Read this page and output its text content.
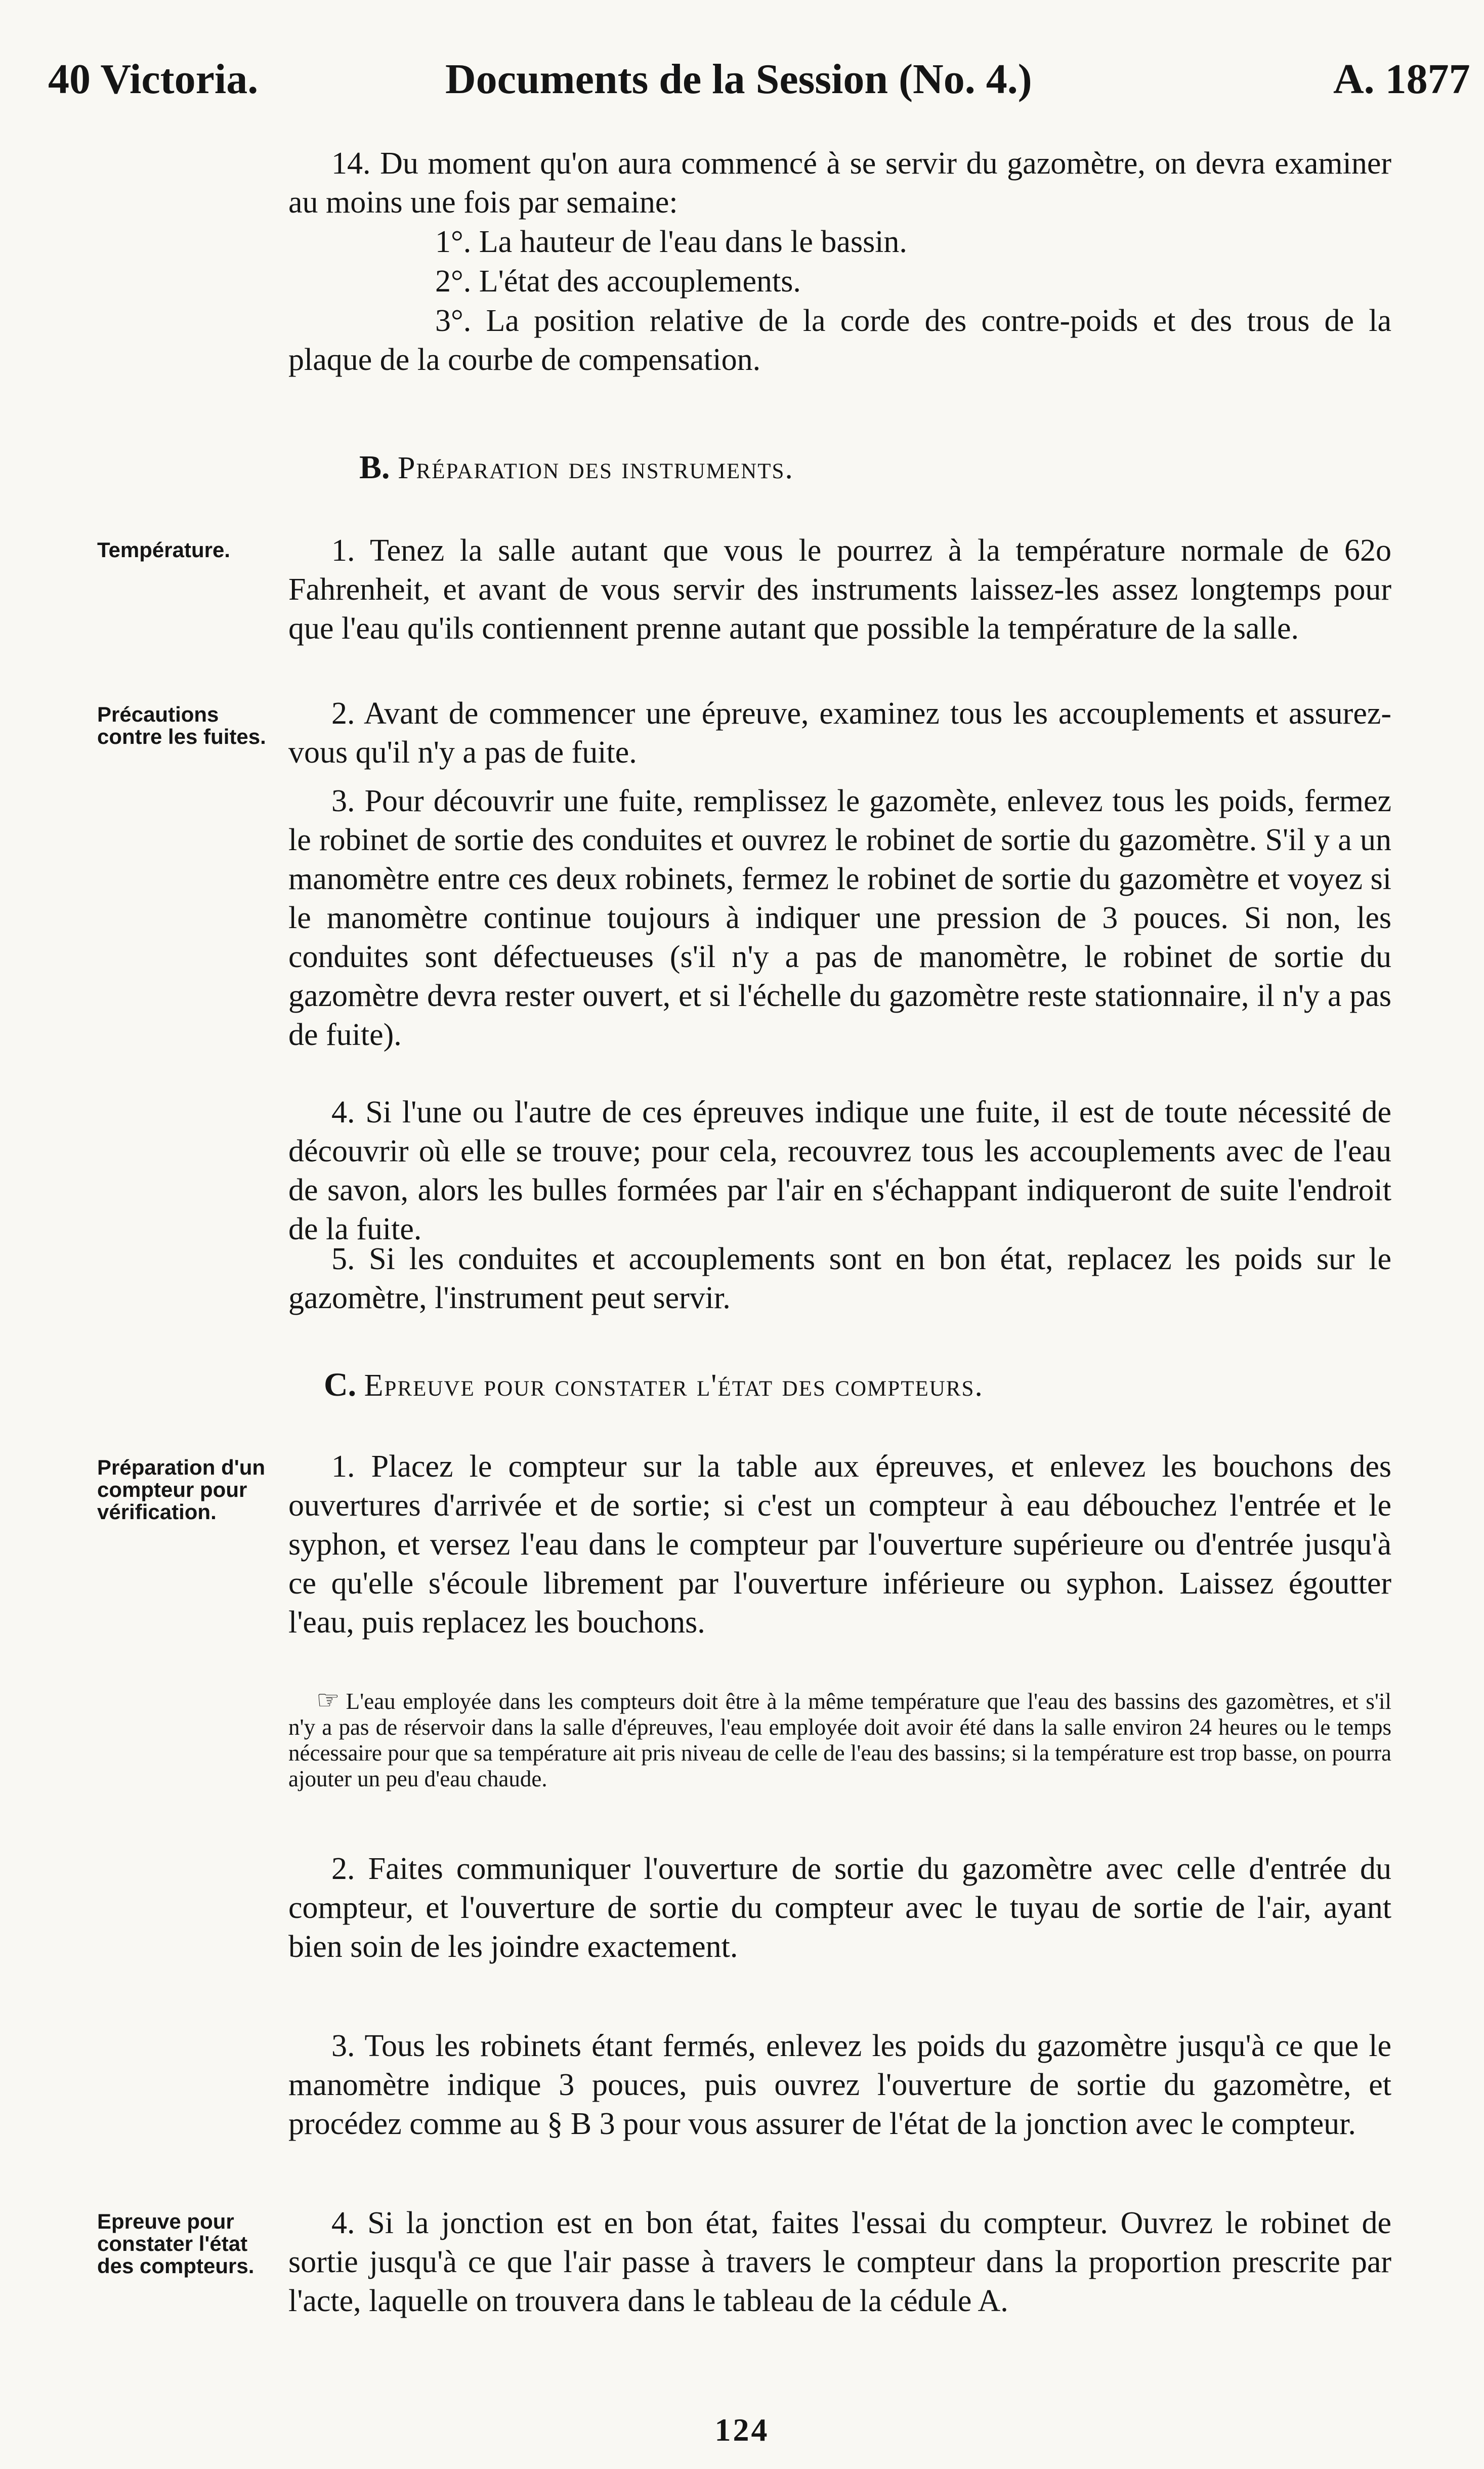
40 Victoria.	Documents de la Session (No. 4.)	A. 1877

14. Du moment qu'on aura commencé à se servir du gazomètre, on devra examiner au moins une fois par semaine:

1°. La hauteur de l'eau dans le bassin.

2°. L'état des accouplements.

3°. La position relative de la corde des contre-poids et des trous de la plaque de la courbe de compensation.

B. Préparation des instruments.

Température.	1. Tenez la salle autant que vous le pourrez à la température normale de 62o Fahrenheit, et avant de vous servir des instruments laissez-les assez longtemps pour que l'eau qu'ils contiennent prenne autant que possible la température de la salle.

Précautions contre les fuites.

2. Avant de commencer une épreuve, examinez tous les accouplements et assurez-vous qu'il n'y a pas de fuite.

3. Pour découvrir une fuite, remplissez le gazomète, enlevez tous les poids, fermez le robinet de sortie des conduites et ouvrez le robinet de sortie du gazomètre. S'il y a un manomètre entre ces deux robinets, fermez le robinet de sortie du gazomètre et voyez si le manomètre continue toujours à indiquer une pression de 3 pouces. Si non, les conduites sont défectueuses (s'il n'y a pas de manomètre, le robinet de sortie du gazomètre devra rester ouvert, et si l'échelle du gazomètre reste stationnaire, il n'y a pas de fuite).

4. Si l'une ou l'autre de ces épreuves indique une fuite, il est de toute nécessité de découvrir où elle se trouve; pour cela, recouvrez tous les accouplements avec de l'eau de savon, alors les bulles formées par l'air en s'échappant indiqueront de suite l'endroit de la fuite.

5. Si les conduites et accouplements sont en bon état, replacez les poids sur le gazomètre, l'instrument peut servir.

C. Epreuve pour constater l'état des compteurs.

Préparation d'un compteur pour vérification.

1. Placez le compteur sur la table aux épreuves, et enlevez les bouchons des ouvertures d'arrivée et de sortie; si c'est un compteur à eau débouchez l'entrée et le syphon, et versez l'eau dans le compteur par l'ouverture supérieure ou d'entrée jusqu'à ce qu'elle s'écoule librement par l'ouverture inférieure ou syphon. Laissez égoutter l'eau, puis replacez les bouchons.

☞ L'eau employée dans les compteurs doit être à la même température que l'eau des bassins des gazomètres, et s'il n'y a pas de réservoir dans la salle d'épreuves, l'eau employée doit avoir été dans la salle environ 24 heures ou le temps nécessaire pour que sa température ait pris niveau de celle de l'eau des bassins; si la température est trop basse, on pourra ajouter un peu d'eau chaude.

2. Faites communiquer l'ouverture de sortie du gazomètre avec celle d'entrée du compteur, et l'ouverture de sortie du compteur avec le tuyau de sortie de l'air, ayant bien soin de les joindre exactement.

3. Tous les robinets étant fermés, enlevez les poids du gazomètre jusqu'à ce que le manomètre indique 3 pouces, puis ouvrez l'ouverture de sortie du gazomètre, et procédez comme au § B 3 pour vous assurer de l'état de la jonction avec le compteur.

Epreuve pour constater l'état des compteurs.

4. Si la jonction est en bon état, faites l'essai du compteur. Ouvrez le robinet de sortie jusqu'à ce que l'air passe à travers le compteur dans la proportion prescrite par l'acte, laquelle on trouvera dans le tableau de la cédule A.

124
